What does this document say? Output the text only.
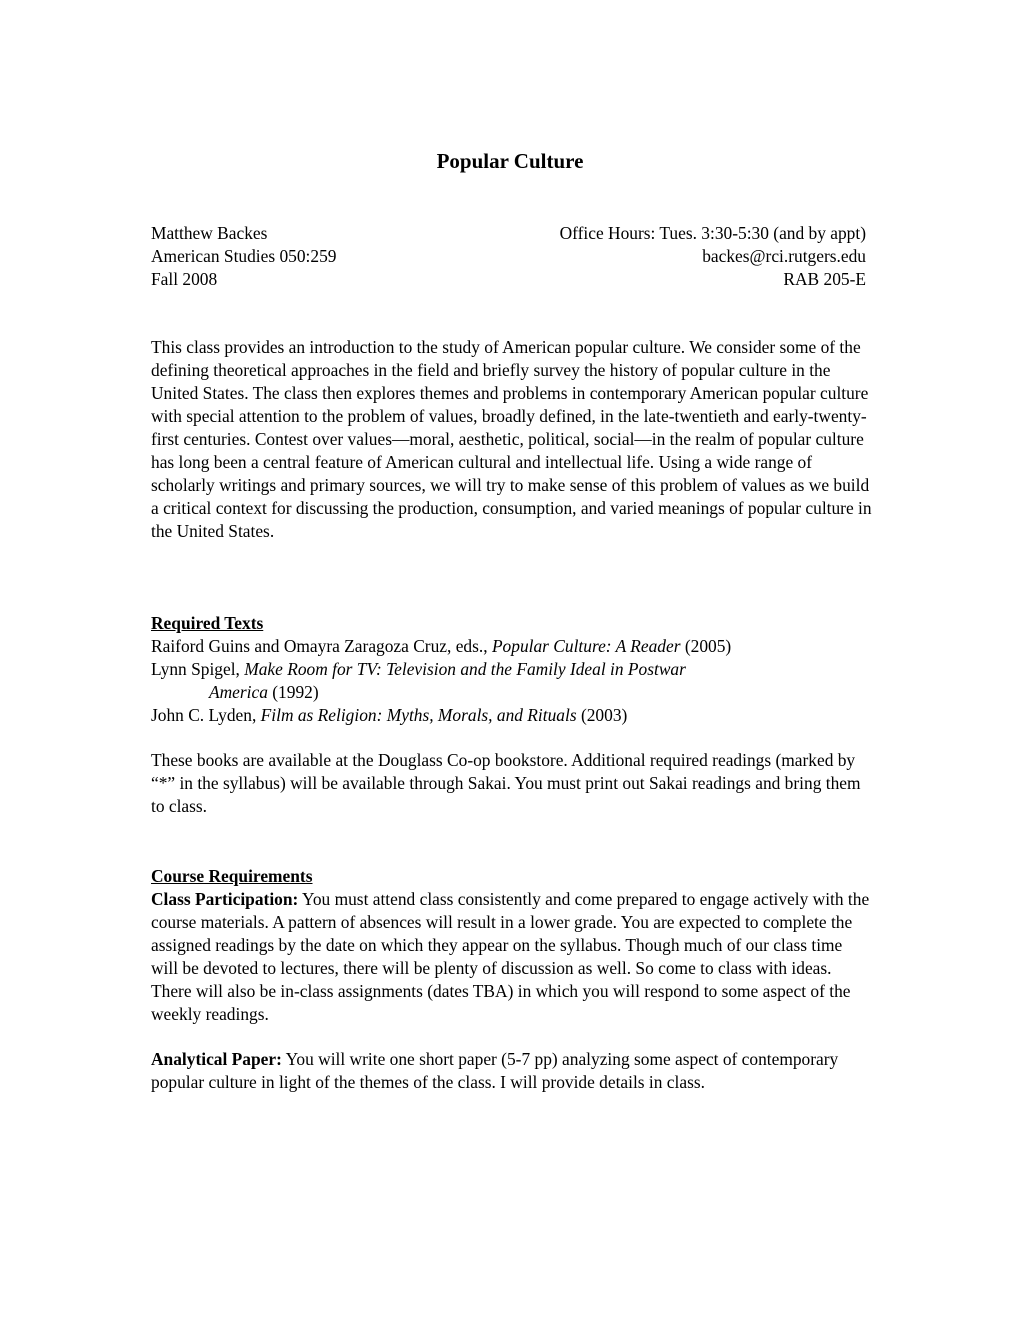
Popular Culture
Matthew Backes	Office Hours: Tues. 3:30-5:30 (and by appt)
American Studies 050:259	backes@rci.rutgers.edu
Fall 2008	RAB 205-E

This class provides an introduction to the study of American popular culture. We consider some of the defining theoretical approaches in the field and briefly survey the history of popular culture in the United States. The class then explores themes and problems in contemporary American popular culture with special attention to the problem of values, broadly defined, in the late-twentieth and early-twenty-first centuries. Contest over values—moral, aesthetic, political, social—in the realm of popular culture has long been a central feature of American cultural and intellectual life. Using a wide range of scholarly writings and primary sources, we will try to make sense of this problem of values as we build a critical context for discussing the production, consumption, and varied meanings of popular culture in the United States.

Required Texts

Raiford Guins and Omayra Zaragoza Cruz, eds., Popular Culture: A Reader (2005)

Lynn Spigel, Make Room for TV: Television and the Family Ideal in Postwar
America (1992)

John C. Lyden, Film as Religion: Myths, Morals, and Rituals (2003)

These books are available at the Douglass Co-op bookstore. Additional required readings (marked by “*” in the syllabus) will be available through Sakai. You must print out Sakai readings and bring them to class.

Course Requirements

Class Participation: You must attend class consistently and come prepared to engage actively with the course materials. A pattern of absences will result in a lower grade. You are expected to complete the assigned readings by the date on which they appear on the syllabus. Though much of our class time will be devoted to lectures, there will be plenty of discussion as well. So come to class with ideas. There will also be in-class assignments (dates TBA) in which you will respond to some aspect of the weekly readings.

Analytical Paper: You will write one short paper (5-7 pp) analyzing some aspect of contemporary popular culture in light of the themes of the class. I will provide details in class.
